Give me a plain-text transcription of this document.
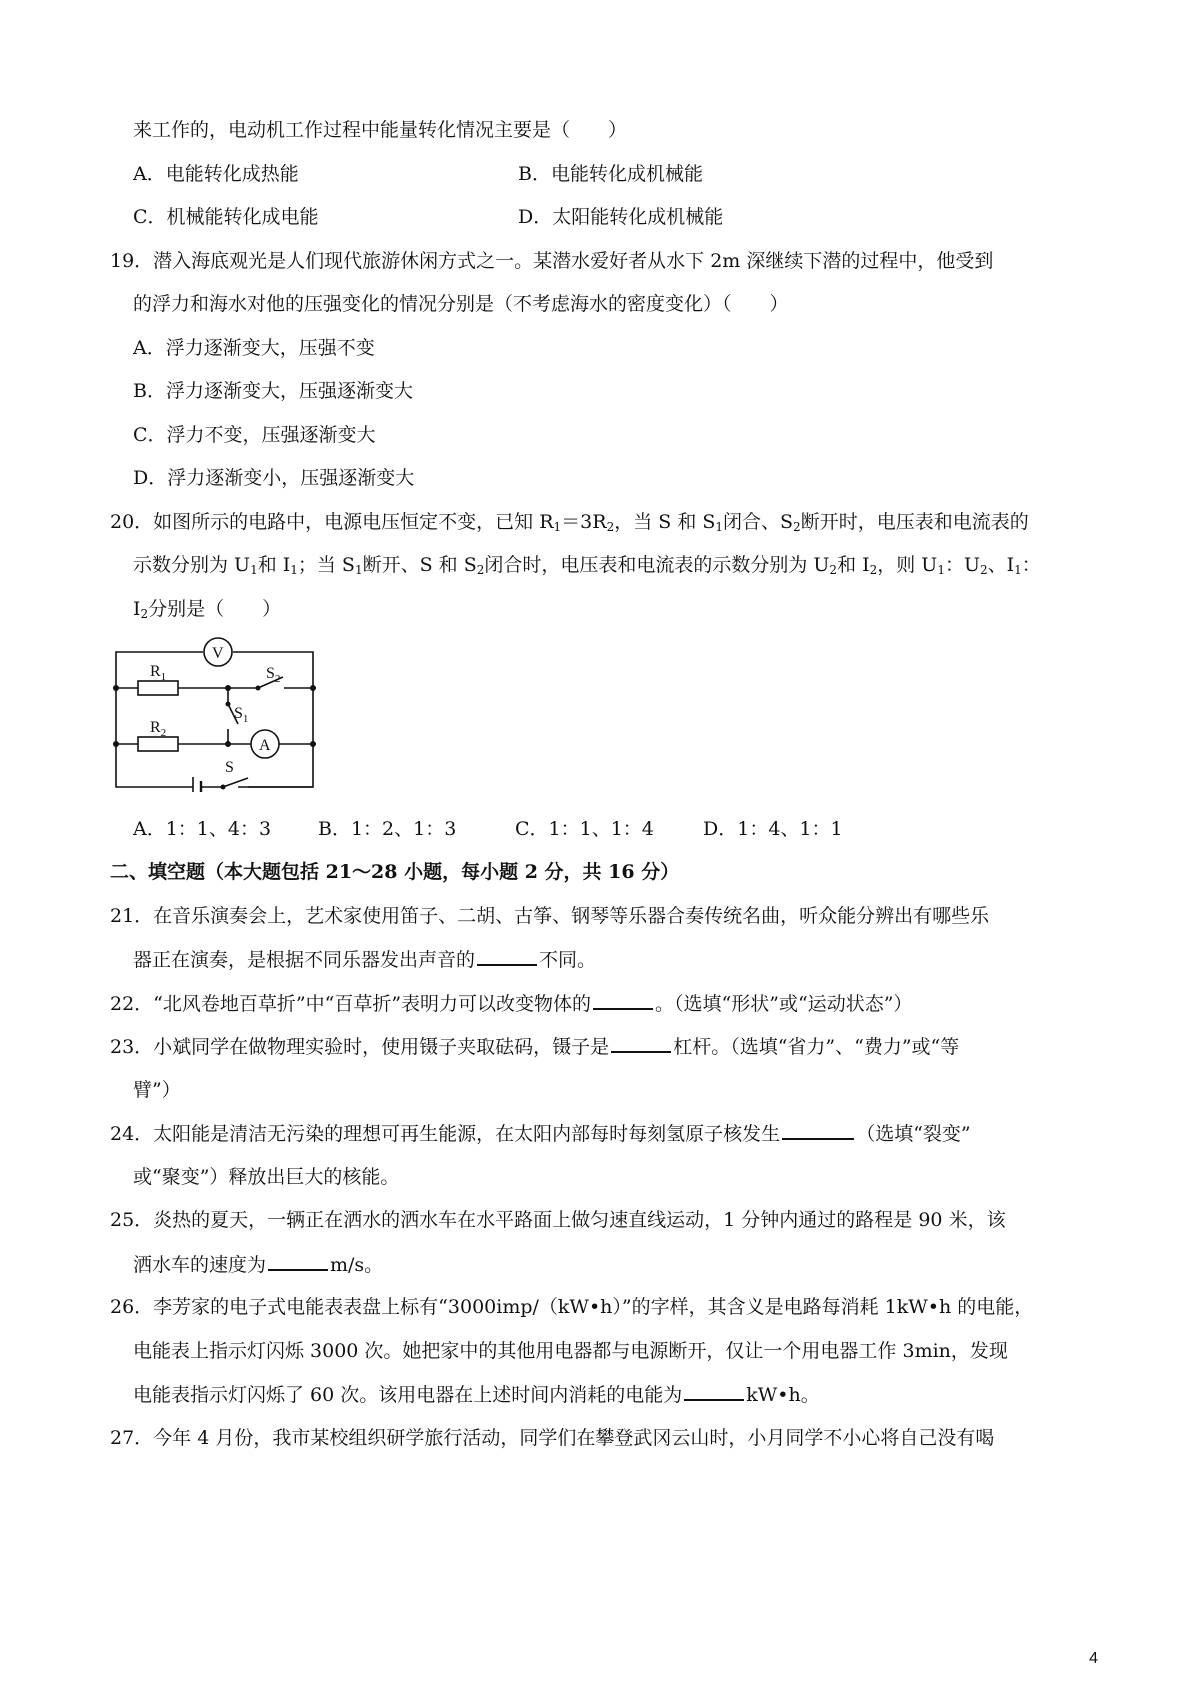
来工作的，电动机工作过程中能量转化情况主要是（　　）
A．电能转化成热能	B．电能转化成机械能
C．机械能转化成电能	D．太阳能转化成机械能
19．潜入海底观光是人们现代旅游休闲方式之一。某潜水爱好者从水下 2m 深继续下潜的过程中，他受到
的浮力和海水对他的压强变化的情况分别是（不考虑海水的密度变化）（　　）
A．浮力逐渐变大，压强不变
B．浮力逐渐变大，压强逐渐变大
C．浮力不变，压强逐渐变大
D．浮力逐渐变小，压强逐渐变大
20．如图所示的电路中，电源电压恒定不变，已知 $R_1=3R_2$，当 S 和 $S_1$闭合、$S_2$断开时，电压表和电流表的
示数分别为 $U_1$和 $I_1$；当 $S_1$断开、S 和 $S_2$闭合时，电压表和电流表的示数分别为 $U_2$和 $I_2$，则 $U_1$：$U_2$、$I_1$：
$I_2$分别是（　　）
V
A
$R_1$
$R_2$
$S_2$
$S_1$
S
A．1：1、4：3 B．1：2、1：3	C．1：1、1：4	D．1：4、1：1
二、填空题（本大题包括 21～28 小题，每小题 2 分，共 16 分）
21．在音乐演奏会上，艺术家使用笛子、二胡、古筝、钢琴等乐器合奏传统名曲，听众能分辨出有哪些乐
器正在演奏，是根据不同乐器发出声音的	不同。
22．“北风卷地百草折”中“百草折”表明力可以改变物体的	。（选填“形状”或“运动状态”）
23．小斌同学在做物理实验时，使用镊子夹取砝码，镊子是	杠杆。（选填“省力”、“费力”或“等
臂”）
24．太阳能是清洁无污染的理想可再生能源，在太阳内部每时每刻氢原子核发生	（选填“裂变”
或“聚变”）释放出巨大的核能。
25．炎热的夏天，一辆正在洒水的洒水车在水平路面上做匀速直线运动，1 分钟内通过的路程是 90 米，该
洒水车的速度为	m/s。
26．李芳家的电子式电能表表盘上标有“3000imp/（kW•h）”的字样，其含义是电路每消耗 1kW•h 的电能，
电能表上指示灯闪烁 3000 次。她把家中的其他用电器都与电源断开，仅让一个用电器工作 3min，发现
电能表指示灯闪烁了 60 次。该用电器在上述时间内消耗的电能为	kW•h。
27．今年 4 月份，我市某校组织研学旅行活动，同学们在攀登武冈云山时，小月同学不小心将自己没有喝
4
